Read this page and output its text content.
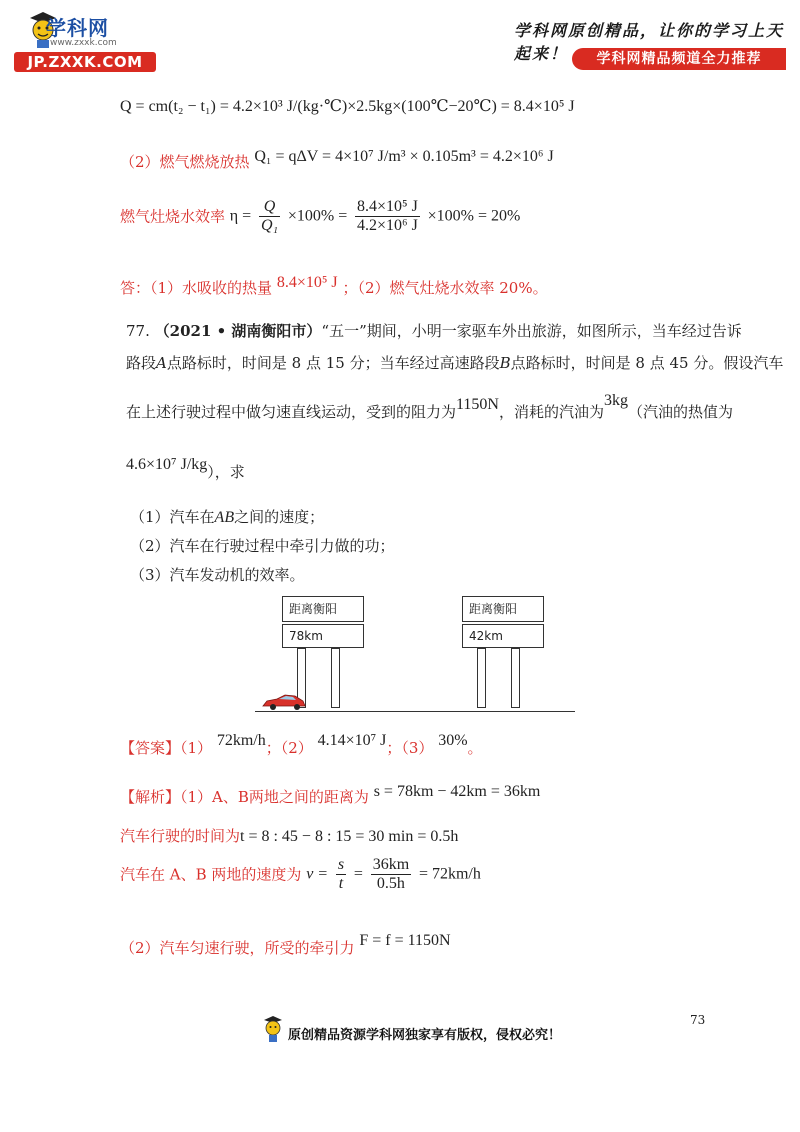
学科网
www.zxxk.com
JP.ZXXK.COM
学科网原创精品，让你的学习上天起来！	学科网精品频道全力推荐
Q = cm(t₂ − t₁) = 4.2×10³ J/(kg·℃)×2.5kg×(100℃−20℃) = 8.4×10⁵ J
（2）燃气燃烧放热 Q₁ = qΔV = 4×10⁷ J/m³ × 0.105m³ = 4.2×10⁶ J
燃气灶烧水效率 $\eta = \frac{Q}{\text{Q₁}} \times 100\% = \frac{\text{8.4×10⁵ J}}{\text{4.2×10⁶ J}} \times 100\% = 20\%$
答：（1）水吸收的热量 8.4×10⁵ J ；（2）燃气灶烧水效率 20%。
77. （2021 • 湖南衡阳市）“五一”期间，小明一家驱车外出旅游，如图所示，当车经过告诉
路段A点路标时，时间是 8 点 15 分；当车经过高速路段B点路标时，时间是 8 点 45 分。假设汽车
在上述行驶过程中做匀速直线运动，受到的阻力为1150N，消耗的汽油为3kg（汽油的热值为
4.6×10⁷ J/kg），求
（1）汽车在AB之间的速度；
（2）汽车在行驶过程中牵引力做的功；
（3）汽车发动机的效率。
距离衡阳
78km
距离衡阳
42km
【答案】（1） 72km/h；（2） 4.14×10⁷ J；（3） 30%。
【解析】（1）A、B两地之间的距离为 s = 78km − 42km = 36km
汽车行驶的时间为t = 8 : 45 − 8 : 15 = 30 min = 0.5h
汽车在 A、B 两地的速度为 $v = \frac{s}{t} = \frac{36km}{0.5h} = 72km/h$
（2）汽车匀速行驶，所受的牵引力 F = f = 1150N
73
原创精品资源学科网独家享有版权，侵权必究！
